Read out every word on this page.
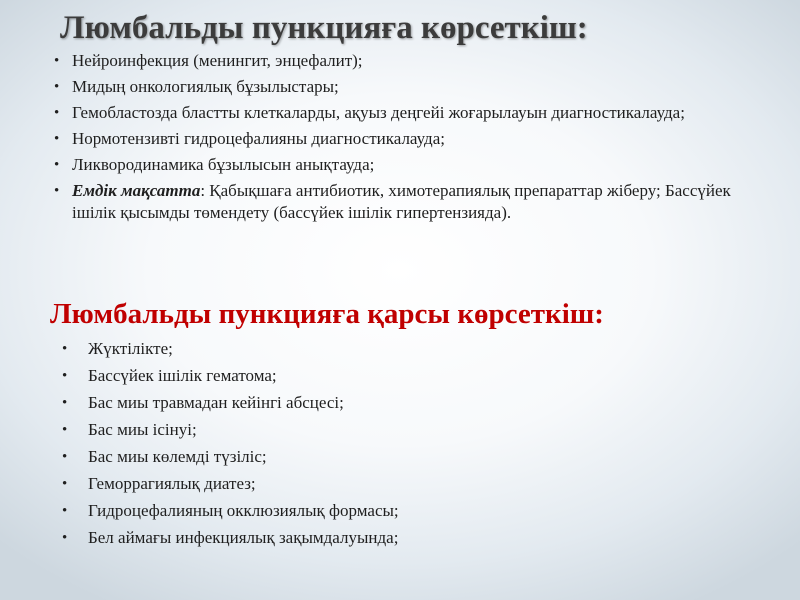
Люмбальды пункцияға көрсеткіш:
• Нейроинфекция (менингит, энцефалит);
• Мидың онкологиялық бұзылыстары;
• Гемобластозда бластты клеткаларды, ақуыз деңгейі жоғарылауын диагностикалауда;
• Нормотензивті гидроцефалияны диагностикалауда;
• Ликвородинамика бұзылысын анықтауда;
• Емдік мақсатта: Қабықшаға антибиотик, химотерапиялық препараттар жіберу; Бассүйек ішілік қысымды төмендету (бассүйек ішілік гипертензияда).
Люмбальды пункцияға қарсы көрсеткіш:
• Жүктілікте;
• Бассүйек ішілік гематома;
• Бас миы травмадан кейінгі абсцесі;
• Бас миы ісінуі;
• Бас миы көлемді түзіліс;
• Геморрагиялық диатез;
• Гидроцефалияның окклюзиялық формасы;
• Бел аймағы инфекциялық зақымдалуында;
